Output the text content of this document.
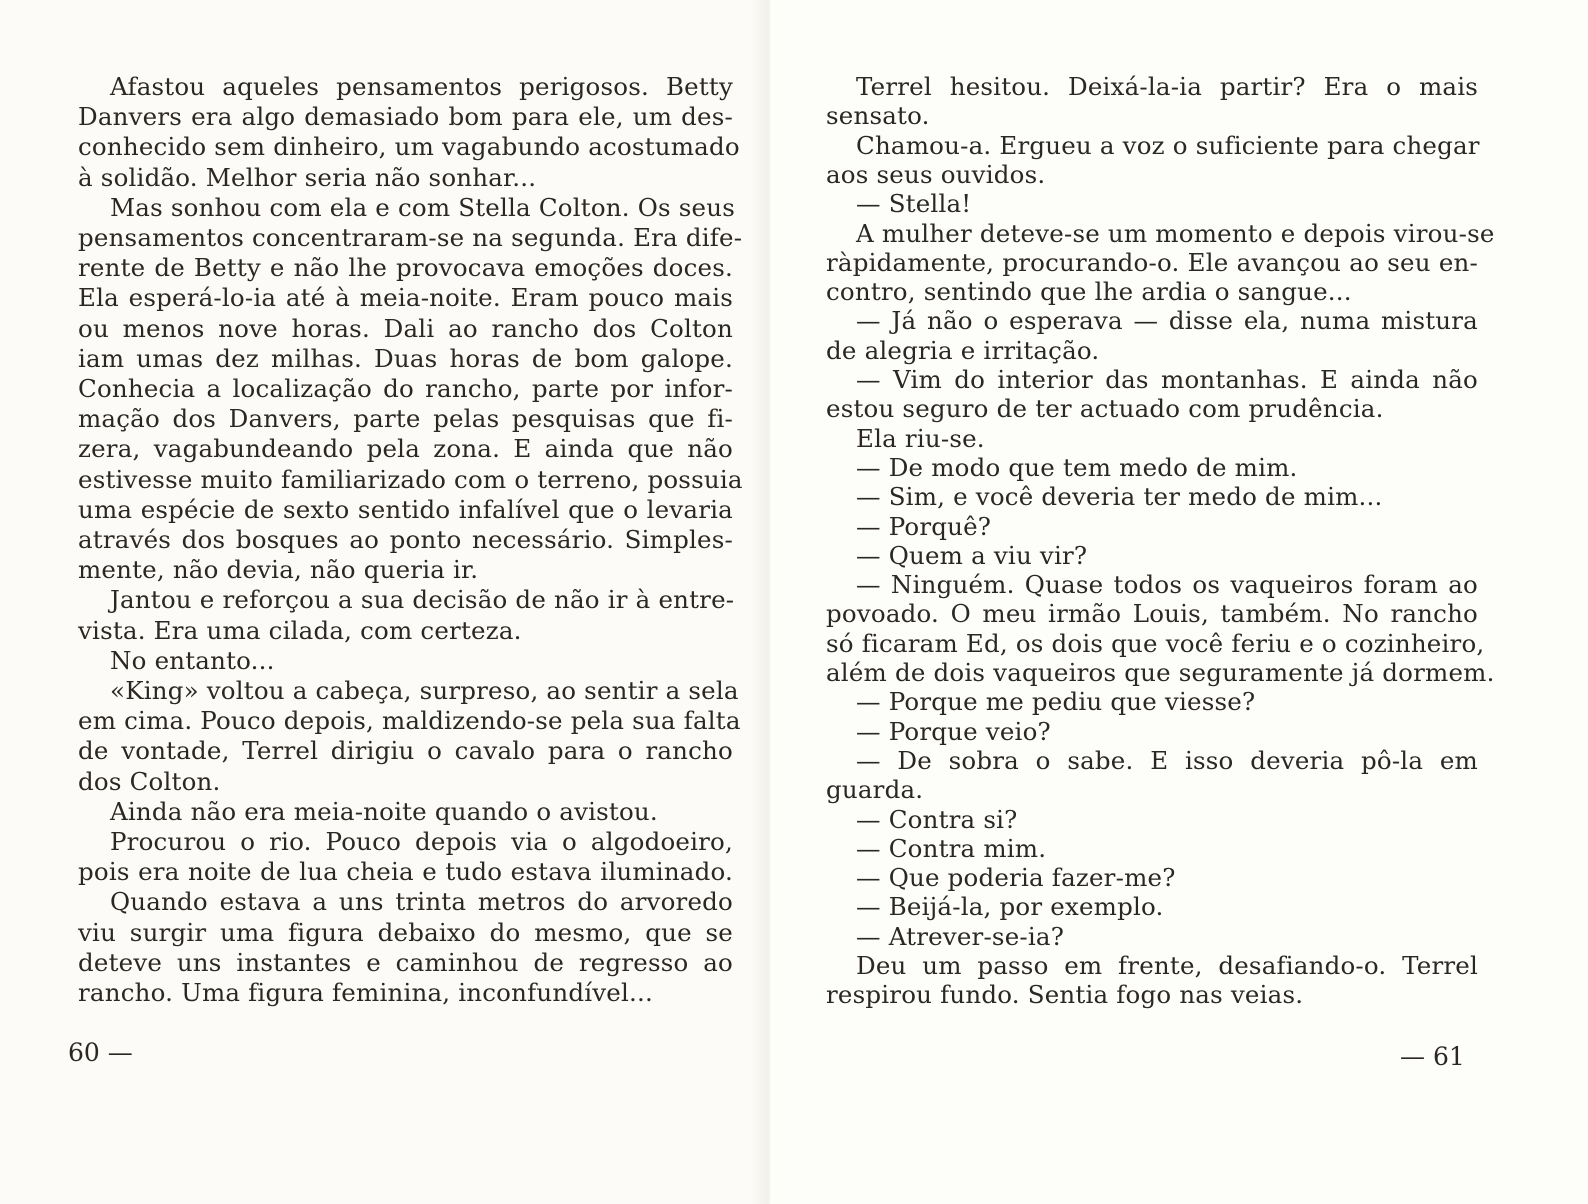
Afastou aqueles pensamentos perigosos. Betty
Danvers era algo demasiado bom para ele, um des-
conhecido sem dinheiro, um vagabundo acostumado
à solidão. Melhor seria não sonhar...
Mas sonhou com ela e com Stella Colton. Os seus
pensamentos concentraram-se na segunda. Era dife-
rente de Betty e não lhe provocava emoções doces.
Ela esperá-lo-ia até à meia-noite. Eram pouco mais
ou menos nove horas. Dali ao rancho dos Colton
iam umas dez milhas. Duas horas de bom galope.
Conhecia a localização do rancho, parte por infor-
mação dos Danvers, parte pelas pesquisas que fi-
zera, vagabundeando pela zona. E ainda que não
estivesse muito familiarizado com o terreno, possuia
uma espécie de sexto sentido infalível que o levaria
através dos bosques ao ponto necessário. Simples-
mente, não devia, não queria ir.
Jantou e reforçou a sua decisão de não ir à entre-
vista. Era uma cilada, com certeza.
No entanto...
«King» voltou a cabeça, surpreso, ao sentir a sela
em cima. Pouco depois, maldizendo-se pela sua falta
de vontade, Terrel dirigiu o cavalo para o rancho
dos Colton.
Ainda não era meia-noite quando o avistou.
Procurou o rio. Pouco depois via o algodoeiro,
pois era noite de lua cheia e tudo estava iluminado.
Quando estava a uns trinta metros do arvoredo
viu surgir uma figura debaixo do mesmo, que se
deteve uns instantes e caminhou de regresso ao
rancho. Uma figura feminina, inconfundível...
60 —
Terrel hesitou. Deixá-la-ia partir? Era o mais
sensato.
Chamou-a. Ergueu a voz o suficiente para chegar
aos seus ouvidos.
— Stella!
A mulher deteve-se um momento e depois virou-se
ràpidamente, procurando-o. Ele avançou ao seu en-
contro, sentindo que lhe ardia o sangue...
— Já não o esperava — disse ela, numa mistura
de alegria e irritação.
— Vim do interior das montanhas. E ainda não
estou seguro de ter actuado com prudência.
Ela riu-se.
— De modo que tem medo de mim.
— Sim, e você deveria ter medo de mim...
— Porquê?
— Quem a viu vir?
— Ninguém. Quase todos os vaqueiros foram ao
povoado. O meu irmão Louis, também. No rancho
só ficaram Ed, os dois que você feriu e o cozinheiro,
além de dois vaqueiros que seguramente já dormem.
— Porque me pediu que viesse?
— Porque veio?
— De sobra o sabe. E isso deveria pô-la em
guarda.
— Contra si?
— Contra mim.
— Que poderia fazer-me?
— Beijá-la, por exemplo.
— Atrever-se-ia?
Deu um passo em frente, desafiando-o. Terrel
respirou fundo. Sentia fogo nas veias.
— 61
